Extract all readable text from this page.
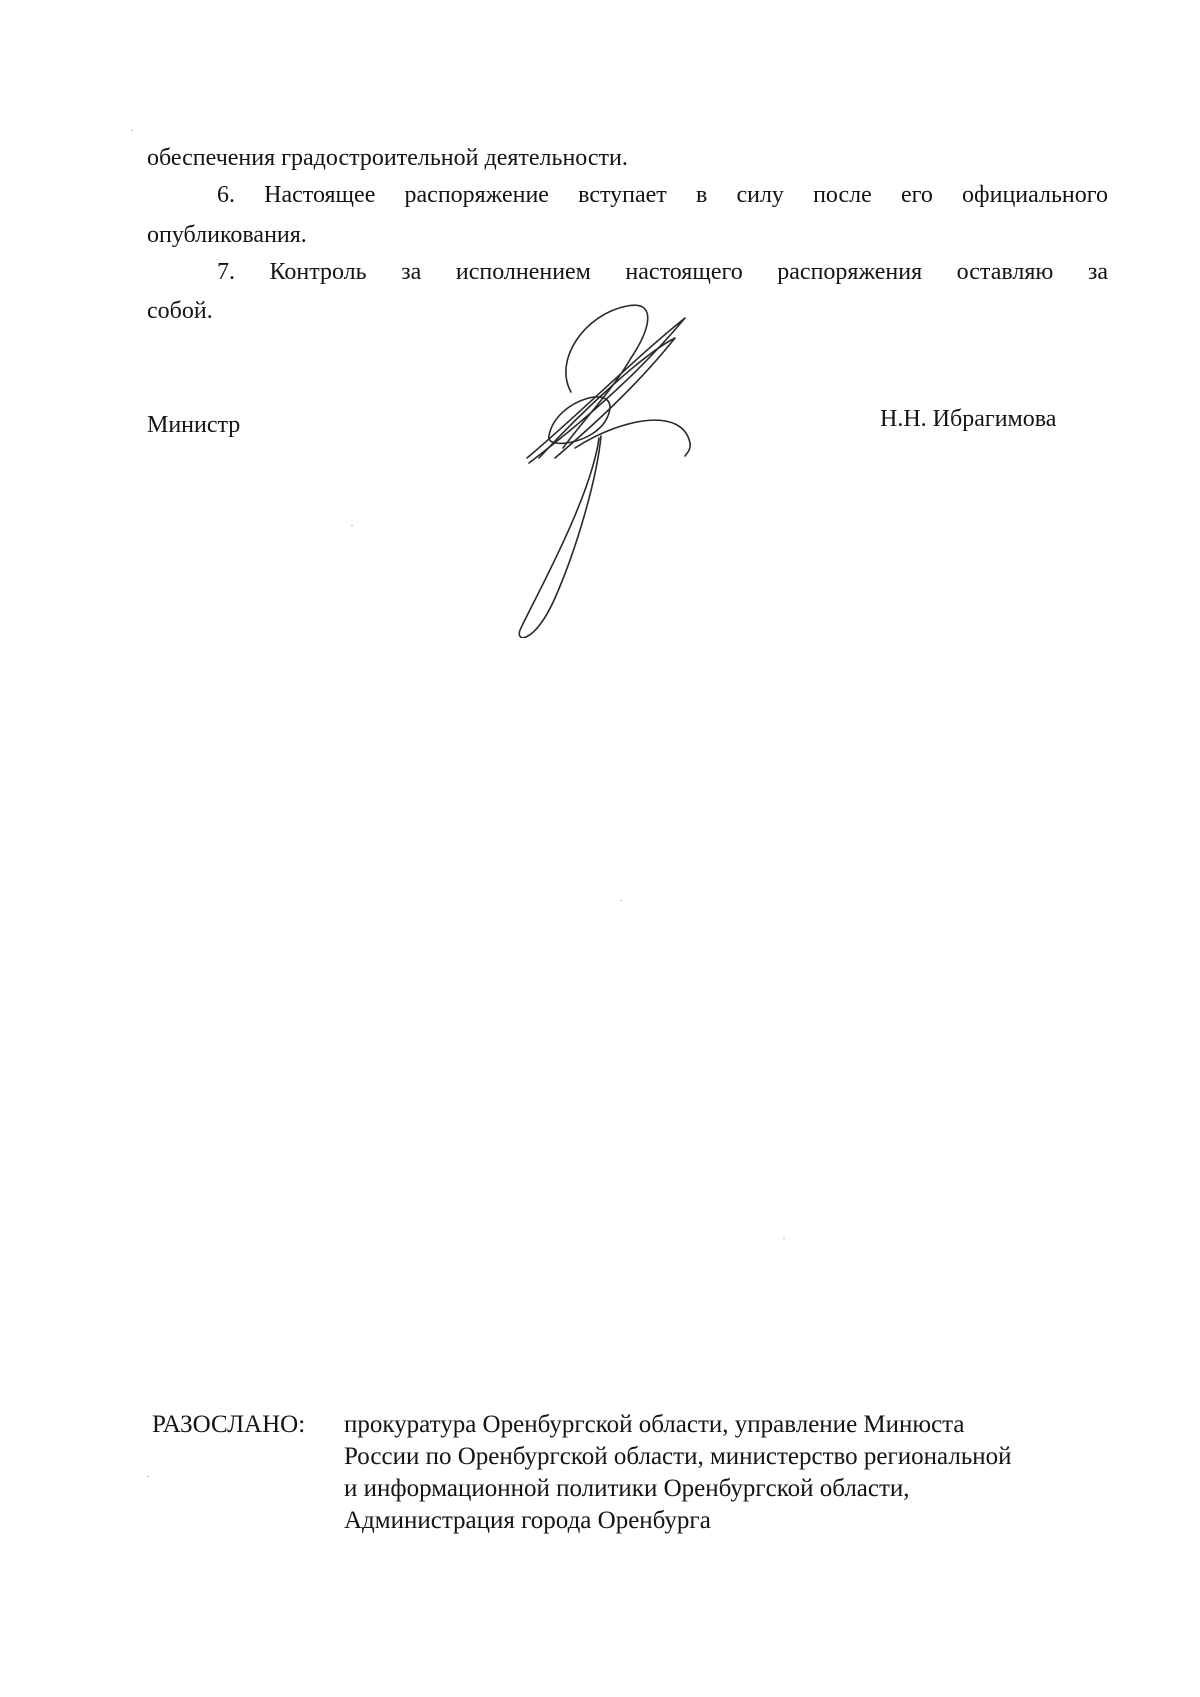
обеспечения градостроительной деятельности.
6. Настоящее распоряжение вступает в силу после его официального
опубликования.
7. Контроль за исполнением настоящего распоряжения оставляю за
собой.
Министр	Н.Н. Ибрагимова
РАЗОСЛАНО: прокуратура Оренбургской области, управление Минюста
России по Оренбургской области, министерство региональной
и информационной политики Оренбургской области,
Администрация города Оренбурга
